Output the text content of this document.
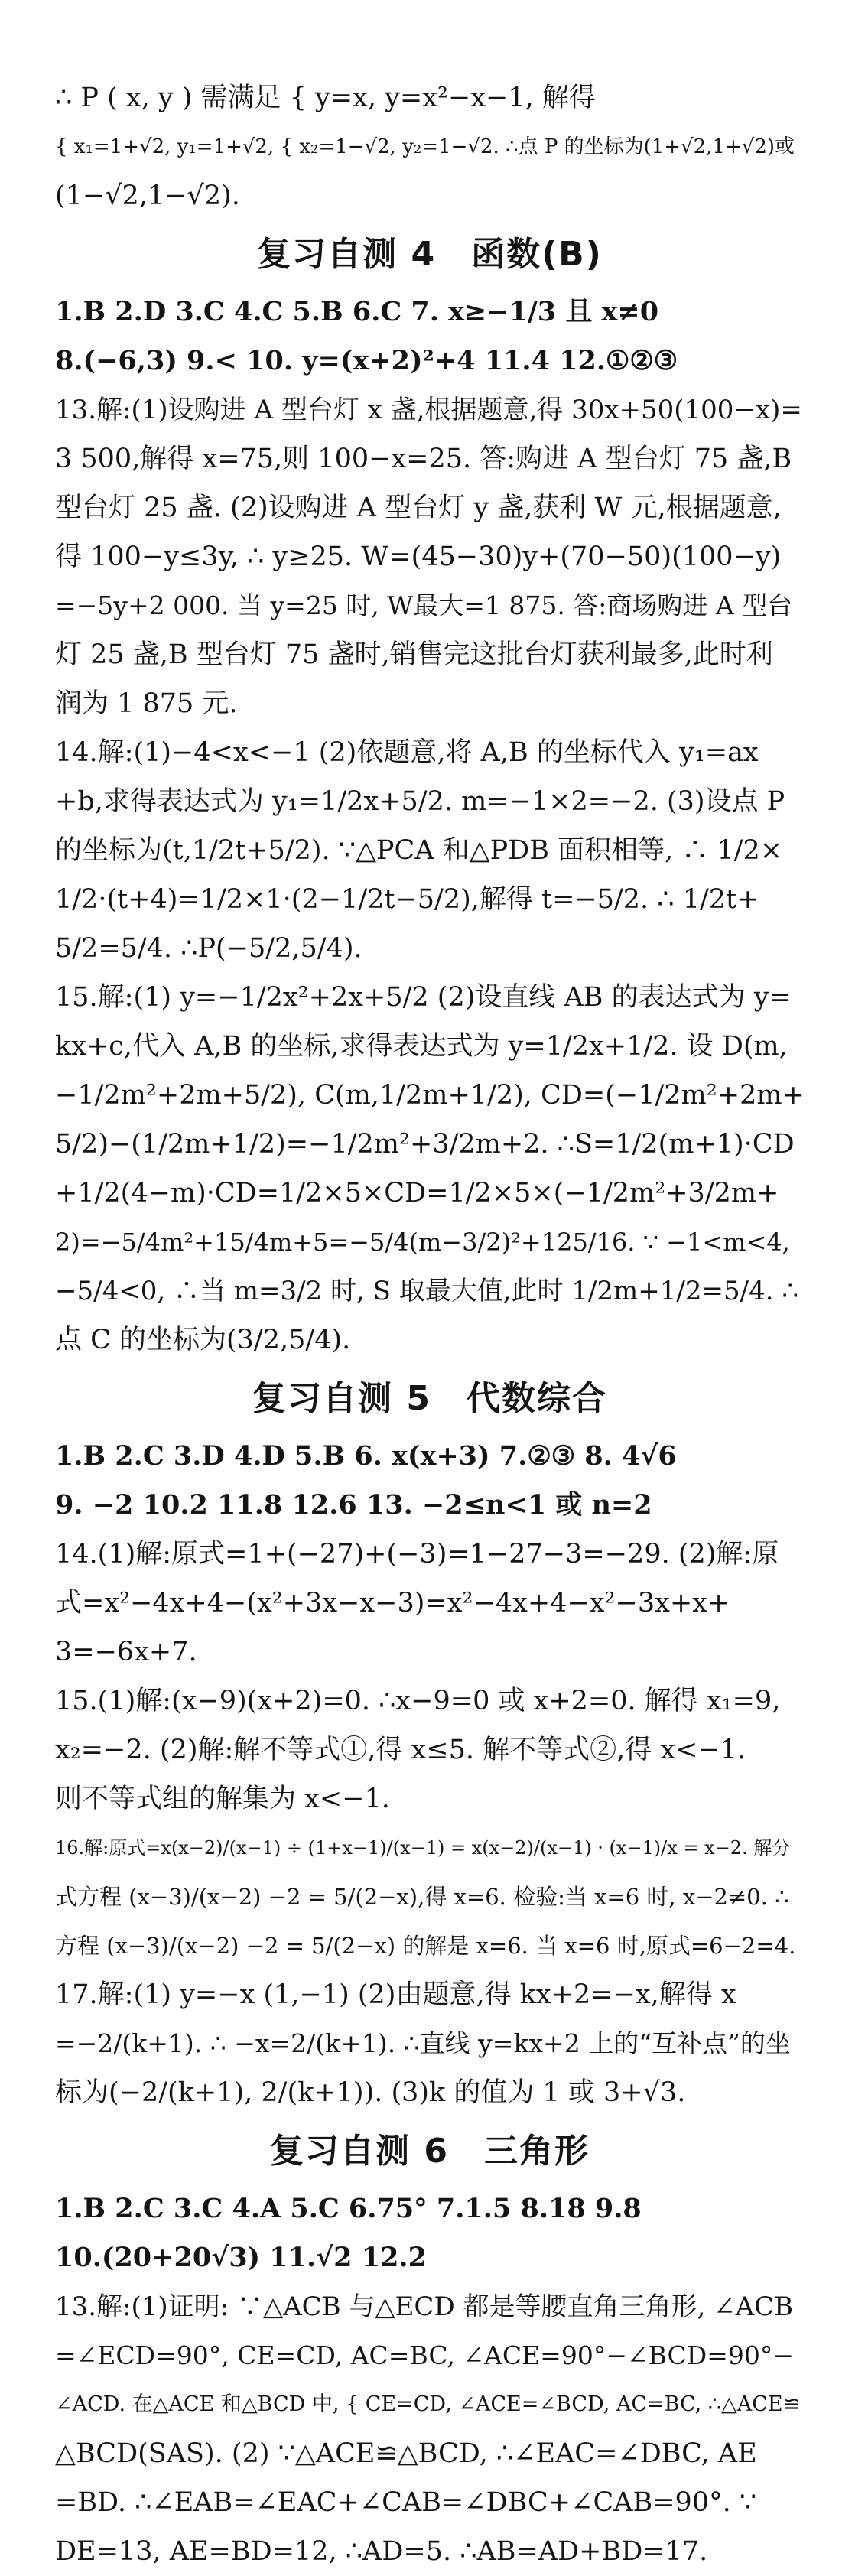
∴ P ( x, y ) 需满足 { y=x, y=x²−x−1, 解得
{ x₁=1+√2, y₁=1+√2, { x₂=1−√2, y₂=1−√2. ∴点 P 的坐标为(1+√2,1+√2)或
(1−√2,1−√2).
复习自测 4　函数(B)
1.B 2.D 3.C 4.C 5.B 6.C 7. x≥−1/3 且 x≠0
8.(−6,3) 9.< 10. y=(x+2)²+4 11.4 12.①②③
13.解:(1)设购进 A 型台灯 x 盏,根据题意,得 30x+50(100−x)=
3 500,解得 x=75,则 100−x=25. 答:购进 A 型台灯 75 盏,B
型台灯 25 盏. (2)设购进 A 型台灯 y 盏,获利 W 元,根据题意,
得 100−y≤3y, ∴ y≥25. W=(45−30)y+(70−50)(100−y)
=−5y+2 000. 当 y=25 时, W最大=1 875. 答:商场购进 A 型台
灯 25 盏,B 型台灯 75 盏时,销售完这批台灯获利最多,此时利
润为 1 875 元.
14.解:(1)−4<x<−1 (2)依题意,将 A,B 的坐标代入 y₁=ax
+b,求得表达式为 y₁=1/2x+5/2. m=−1×2=−2. (3)设点 P
的坐标为(t,1/2t+5/2). ∵△PCA 和△PDB 面积相等, ∴ 1/2×
1/2·(t+4)=1/2×1·(2−1/2t−5/2),解得 t=−5/2. ∴ 1/2t+
5/2=5/4. ∴P(−5/2,5/4).
15.解:(1) y=−1/2x²+2x+5/2 (2)设直线 AB 的表达式为 y=
kx+c,代入 A,B 的坐标,求得表达式为 y=1/2x+1/2. 设 D(m,
−1/2m²+2m+5/2), C(m,1/2m+1/2), CD=(−1/2m²+2m+
5/2)−(1/2m+1/2)=−1/2m²+3/2m+2. ∴S=1/2(m+1)·CD
+1/2(4−m)·CD=1/2×5×CD=1/2×5×(−1/2m²+3/2m+
2)=−5/4m²+15/4m+5=−5/4(m−3/2)²+125/16. ∵ −1<m<4,
−5/4<0, ∴当 m=3/2 时, S 取最大值,此时 1/2m+1/2=5/4. ∴
点 C 的坐标为(3/2,5/4).
复习自测 5　代数综合
1.B 2.C 3.D 4.D 5.B 6. x(x+3) 7.②③ 8. 4√6
9. −2 10.2 11.8 12.6 13. −2≤n<1 或 n=2
14.(1)解:原式=1+(−27)+(−3)=1−27−3=−29. (2)解:原
式=x²−4x+4−(x²+3x−x−3)=x²−4x+4−x²−3x+x+
3=−6x+7.
15.(1)解:(x−9)(x+2)=0. ∴x−9=0 或 x+2=0. 解得 x₁=9,
x₂=−2. (2)解:解不等式①,得 x≤5. 解不等式②,得 x<−1.
则不等式组的解集为 x<−1.
16.解:原式=x(x−2)/(x−1) ÷ (1+x−1)/(x−1) = x(x−2)/(x−1) · (x−1)/x = x−2. 解分
式方程 (x−3)/(x−2) −2 = 5/(2−x),得 x=6. 检验:当 x=6 时, x−2≠0. ∴
方程 (x−3)/(x−2) −2 = 5/(2−x) 的解是 x=6. 当 x=6 时,原式=6−2=4.
17.解:(1) y=−x (1,−1) (2)由题意,得 kx+2=−x,解得 x
=−2/(k+1). ∴ −x=2/(k+1). ∴直线 y=kx+2 上的“互补点”的坐
标为(−2/(k+1), 2/(k+1)). (3)k 的值为 1 或 3+√3.
复习自测 6　三角形
1.B 2.C 3.C 4.A 5.C 6.75° 7.1.5 8.18 9.8
10.(20+20√3) 11.√2 12.2
13.解:(1)证明: ∵△ACB 与△ECD 都是等腰直角三角形, ∠ACB
=∠ECD=90°, CE=CD, AC=BC, ∠ACE=90°−∠BCD=90°−
∠ACD. 在△ACE 和△BCD 中, { CE=CD, ∠ACE=∠BCD, AC=BC, ∴△ACE≌
△BCD(SAS). (2) ∵△ACE≌△BCD, ∴∠EAC=∠DBC, AE
=BD. ∴∠EAB=∠EAC+∠CAB=∠DBC+∠CAB=90°. ∵
DE=13, AE=BD=12, ∴AD=5. ∴AB=AD+BD=17.
